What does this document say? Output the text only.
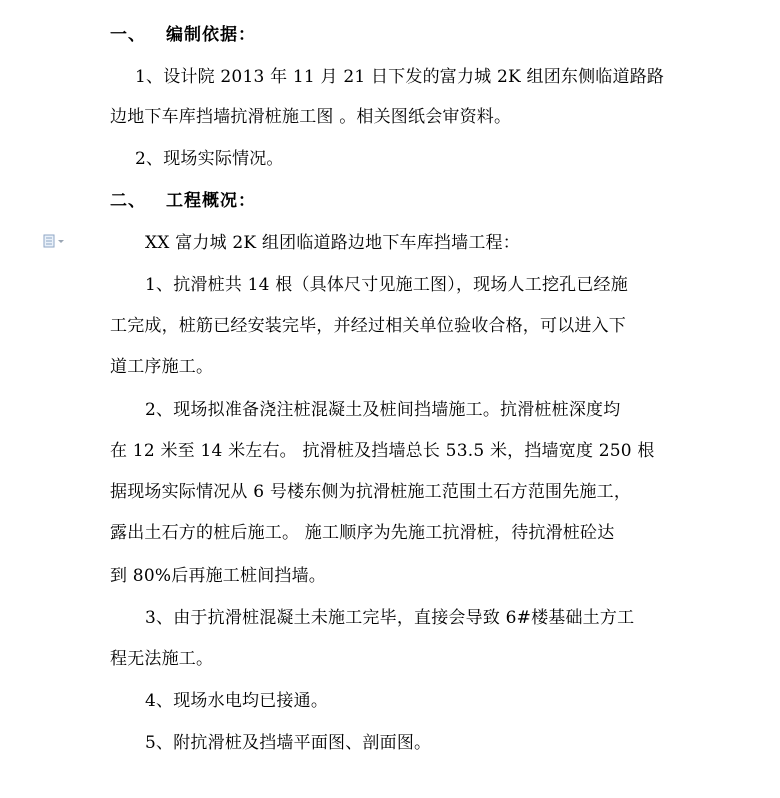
一、 编制依据：
1、设计院 2013 年 11 月 21 日下发的富力城 2K 组团东侧临道路路
边地下车库挡墙抗滑桩施工图 。相关图纸会审资料。
2、现场实际情况。
二、 工程概况：
XX 富力城 2K 组团临道路边地下车库挡墙工程：
1、抗滑桩共 14 根（具体尺寸见施工图），现场人工挖孔已经施
工完成，桩筋已经安装完毕，并经过相关单位验收合格，可以进入下
道工序施工。
2、现场拟准备浇注桩混凝土及桩间挡墙施工。抗滑桩桩深度均
在 12 米至 14 米左右。 抗滑桩及挡墙总长 53.5 米，挡墙宽度 250 根
据现场实际情况从 6 号楼东侧为抗滑桩施工范围土石方范围先施工，
露出土石方的桩后施工。 施工顺序为先施工抗滑桩，待抗滑桩砼达
到 80%后再施工桩间挡墙。
3、由于抗滑桩混凝土未施工完毕，直接会导致 6#楼基础土方工
程无法施工。
4、现场水电均已接通。
5、附抗滑桩及挡墙平面图、剖面图。
